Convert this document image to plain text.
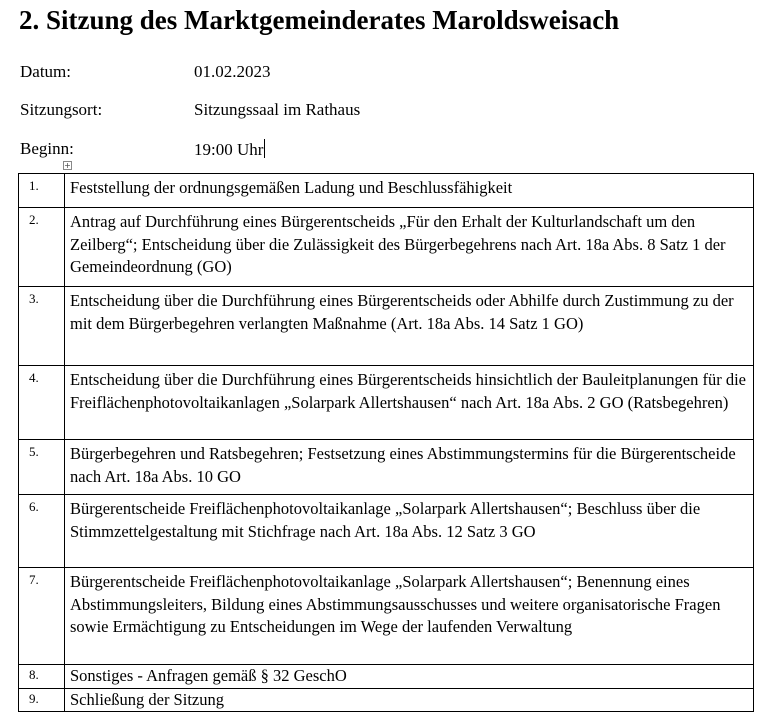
2. Sitzung des Marktgemeinderates Maroldsweisach
Datum:	01.02.2023
Sitzungsort:	Sitzungssaal im Rathaus
Beginn:	19:00 Uhr
+
1.	Feststellung der ordnungsgemäßen Ladung und Beschlussfähigkeit
2.	Antrag auf Durchführung eines Bürgerentscheids „Für den Erhalt der Kulturlandschaft um den Zeilberg“; Entscheidung über die Zulässigkeit des Bürgerbegehrens nach Art. 18a Abs. 8 Satz 1 der Gemeindeordnung (GO)
3.	Entscheidung über die Durchführung eines Bürgerentscheids oder Abhilfe durch Zustimmung zu der mit dem Bürgerbegehren verlangten Maßnahme (Art. 18a Abs. 14 Satz 1 GO)
4.	Entscheidung über die Durchführung eines Bürgerentscheids hinsichtlich der Bauleitplanungen für die Freiflächenphotovoltaikanlagen „Solarpark Allertshausen“ nach Art. 18a Abs. 2 GO (Ratsbegehren)
5.	Bürgerbegehren und Ratsbegehren; Festsetzung eines Abstimmungstermins für die Bürgerentscheide nach Art. 18a Abs. 10 GO
6.	Bürgerentscheide Freiflächenphotovoltaikanlage „Solarpark Allertshausen“; Beschluss über die Stimmzettelgestaltung mit Stichfrage nach Art. 18a Abs. 12 Satz 3 GO
7.	Bürgerentscheide Freiflächenphotovoltaikanlage „Solarpark Allertshausen“; Benennung eines Abstimmungsleiters, Bildung eines Abstimmungsausschusses und weitere organisatorische Fragen sowie Ermächtigung zu Entscheidungen im Wege der laufenden Verwaltung
8.	Sonstiges - Anfragen gemäß § 32 GeschO
9.	Schließung der Sitzung
